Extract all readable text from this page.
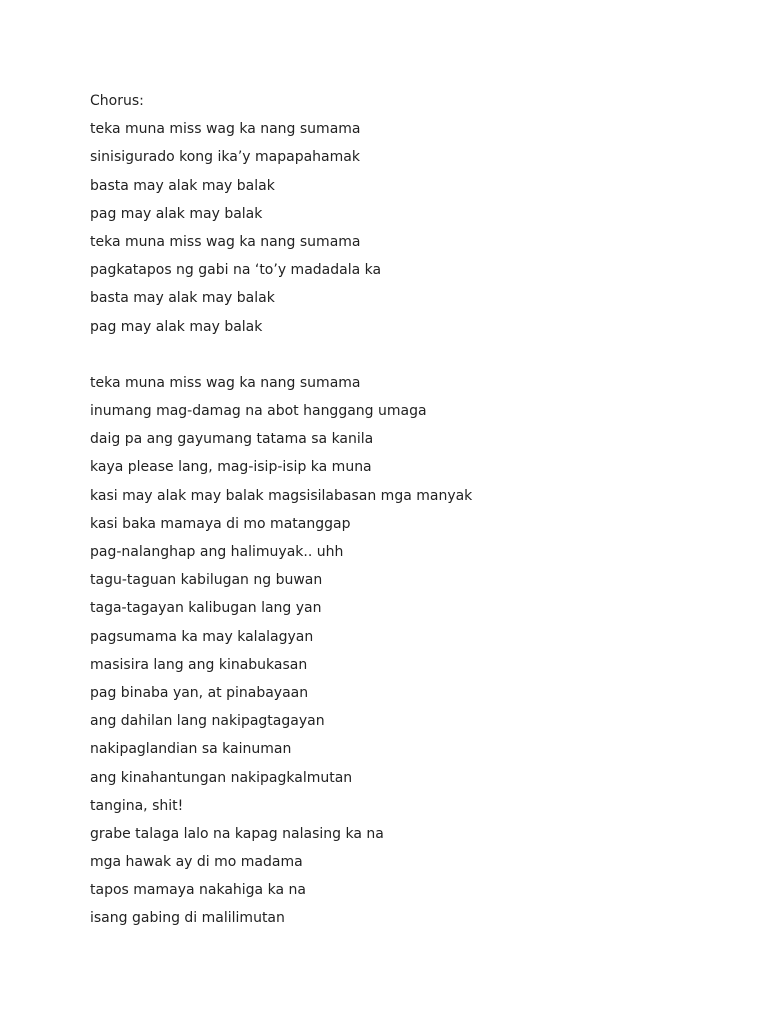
Chorus:
teka muna miss wag ka nang sumama
sinisigurado kong ika’y mapapahamak
basta may alak may balak
pag may alak may balak
teka muna miss wag ka nang sumama
pagkatapos ng gabi na ‘to’y madadala ka
basta may alak may balak
pag may alak may balak
teka muna miss wag ka nang sumama
inumang mag-damag na abot hanggang umaga
daig pa ang gayumang tatama sa kanila
kaya please lang, mag-isip-isip ka muna
kasi may alak may balak magsisilabasan mga manyak
kasi baka mamaya di mo matanggap
pag-nalanghap ang halimuyak.. uhh
tagu-taguan kabilugan ng buwan
taga-tagayan kalibugan lang yan
pagsumama ka may kalalagyan
masisira lang ang kinabukasan
pag binaba yan, at pinabayaan
ang dahilan lang nakipagtagayan
nakipaglandian sa kainuman
ang kinahantungan nakipagkalmutan
tangina, shit!
grabe talaga lalo na kapag nalasing ka na
mga hawak ay di mo madama
tapos mamaya nakahiga ka na
isang gabing di malilimutan
